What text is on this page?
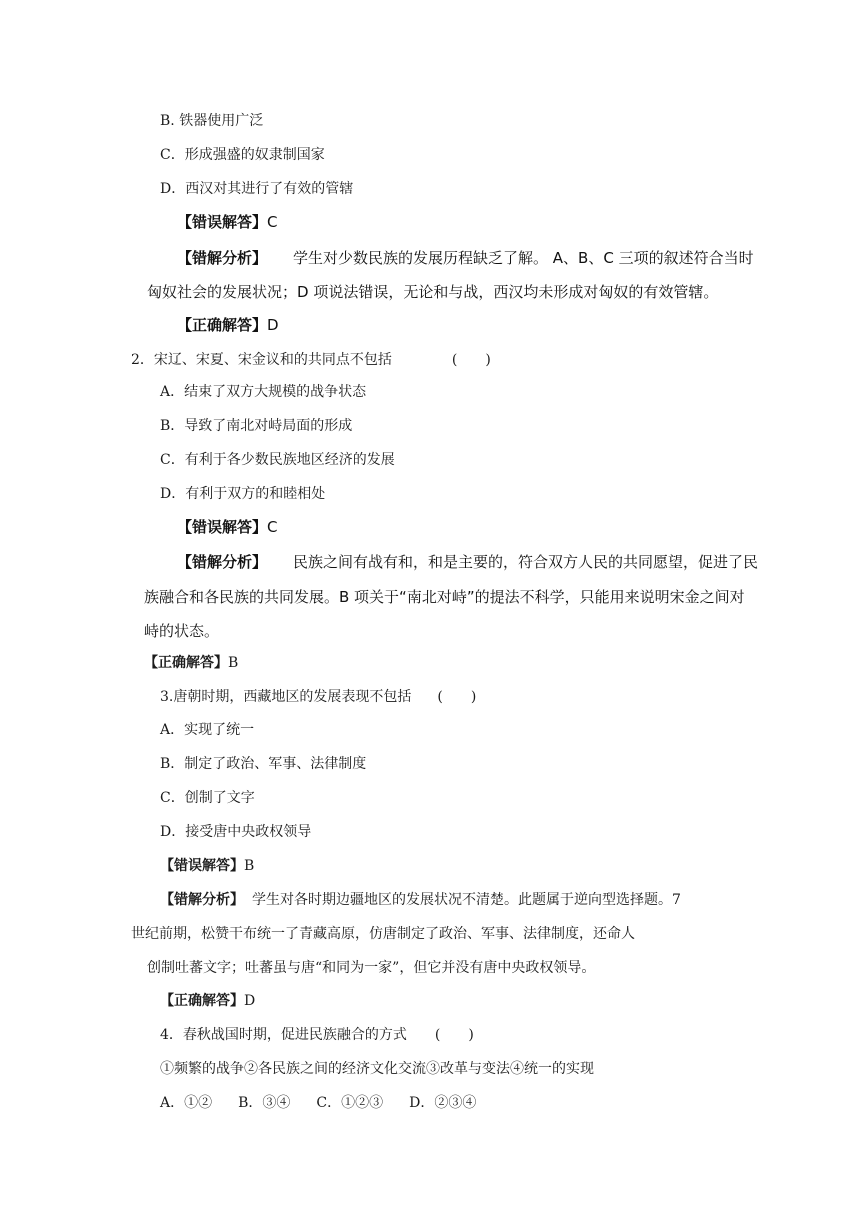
B. 铁器使用广泛
C．形成强盛的奴隶制国家
D．西汉对其进行了有效的管辖
【错误解答】C
【错解分析】 学生对少数民族的发展历程缺乏了解。 A、B、C 三项的叙述符合当时
匈奴社会的发展状况；D 项说法错误，无论和与战，西汉均未形成对匈奴的有效管辖。
【正确解答】D
2．宋辽、宋夏、宋金议和的共同点不包括	(　　)
A．结束了双方大规模的战争状态
B．导致了南北对峙局面的形成
C．有利于各少数民族地区经济的发展
D．有利于双方的和睦相处
【错误解答】C
【错解分析】 民族之间有战有和，和是主要的，符合双方人民的共同愿望，促进了民
族融合和各民族的共同发展。B 项关于“南北对峙”的提法不科学，只能用来说明宋金之间对
峙的状态。
【正确解答】B
3.唐朝时期，西藏地区的发展表现不包括 (　　)
A．实现了统一
B．制定了政治、军事、法律制度
C．创制了文字
D．接受唐中央政权领导
【错误解答】B
【错解分析】 学生对各时期边疆地区的发展状况不清楚。此题属于逆向型选择题。7
世纪前期，松赞干布统一了青藏高原，仿唐制定了政治、军事、法律制度，还命人
创制吐蕃文字；吐蕃虽与唐“和同为一家”，但它并没有唐中央政权领导。
【正确解答】D
4．春秋战国时期，促进民族融合的方式 (　　)
①频繁的战争②各民族之间的经济文化交流③改革与变法④统一的实现
A．①② B．③④ C．①②③ D．②③④
